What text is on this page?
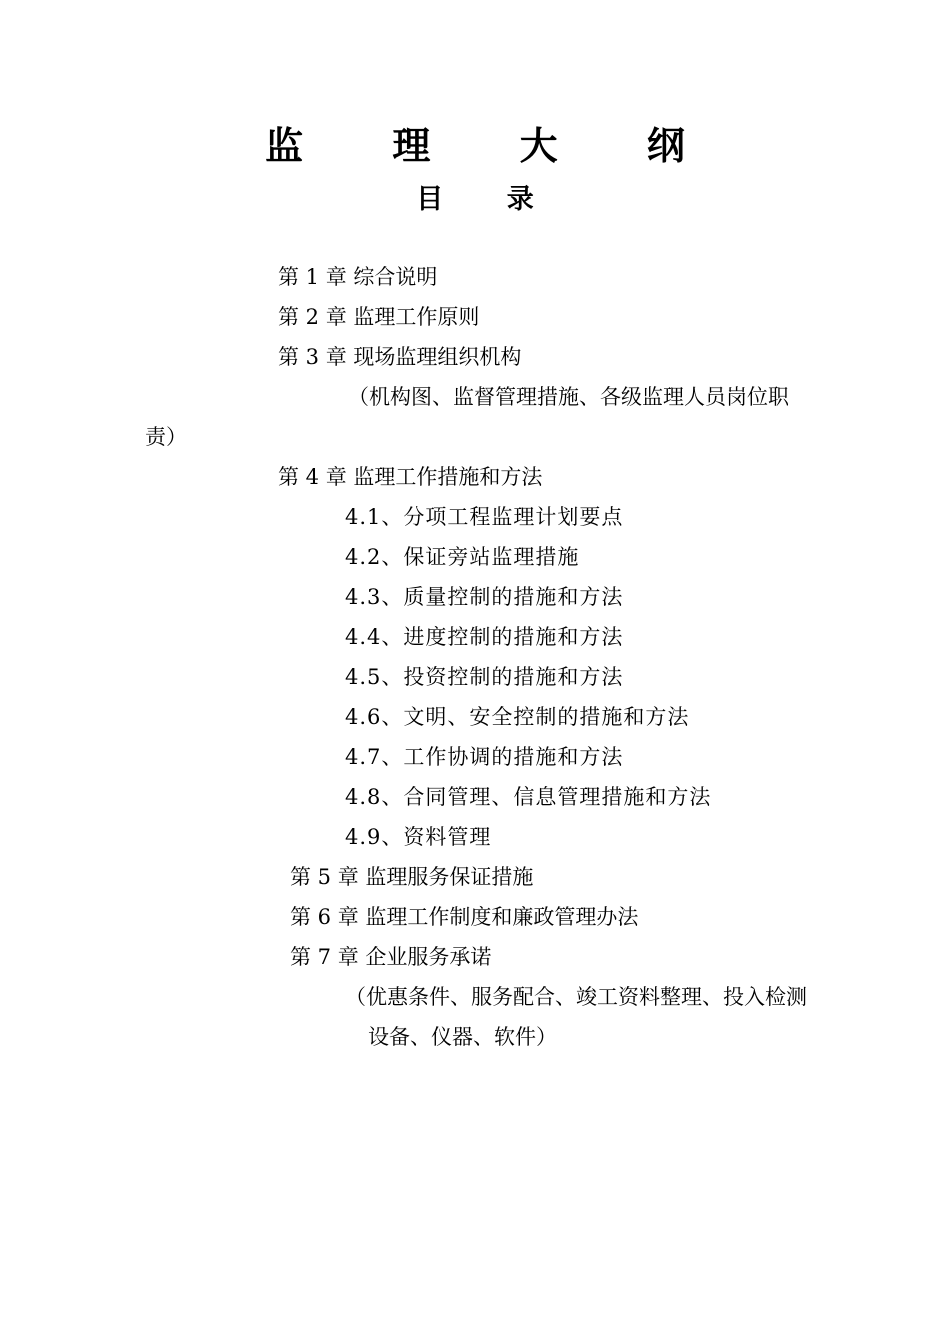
监 理 大 纲
目 录
第 1 章 综合说明
第 2 章 监理工作原则
第 3 章 现场监理组织机构
（机构图、监督管理措施、各级监理人员岗位职
责）
第 4 章 监理工作措施和方法
4.1、分项工程监理计划要点
4.2、保证旁站监理措施
4.3、质量控制的措施和方法
4.4、进度控制的措施和方法
4.5、投资控制的措施和方法
4.6、文明、安全控制的措施和方法
4.7、工作协调的措施和方法
4.8、合同管理、信息管理措施和方法
4.9、资料管理
第 5 章 监理服务保证措施
第 6 章 监理工作制度和廉政管理办法
第 7 章 企业服务承诺
（优惠条件、服务配合、竣工资料整理、投入检测
设备、仪器、软件）
